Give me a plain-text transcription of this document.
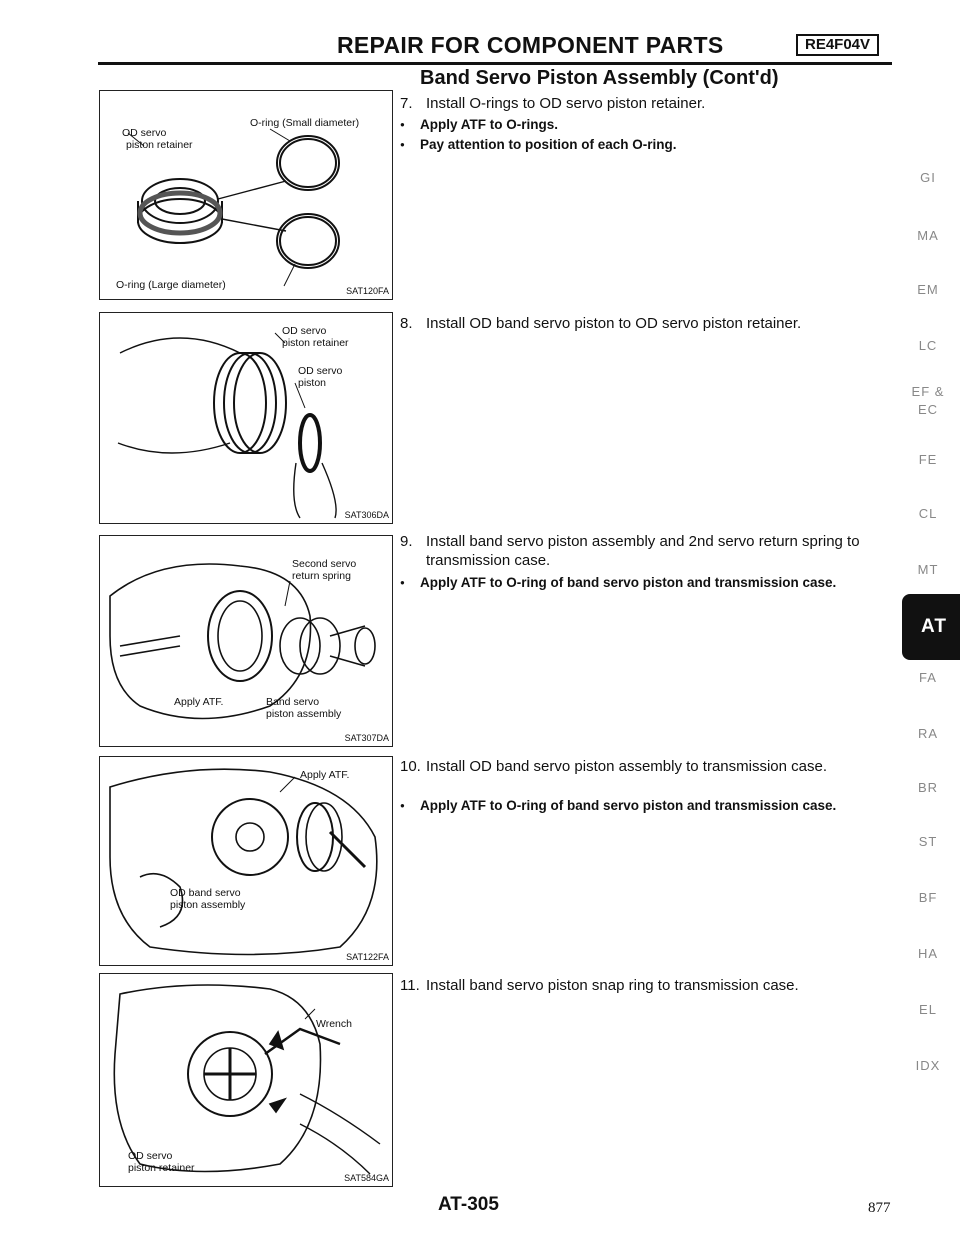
REPAIR FOR COMPONENT PARTS	RE4F04V
Band Servo Piston Assembly (Cont'd)
O-ring (Small diameter)
OD servo
piston retainer
O-ring (Large diameter)	SAT120FA
OD servo
piston retainer
OD servo
piston
SAT306DA
Second servo
return spring
Apply ATF.	Band servo
piston assembly
SAT307DA
Apply ATF.
OD band servo
piston assembly
SAT122FA
Wrench
OD servo
piston retainer
SAT584GA
7. Install O-rings to OD servo piston retainer.
● Apply ATF to O-rings.
● Pay attention to position of each O-ring.
8. Install OD band servo piston to OD servo piston retainer.
9. Install band servo piston assembly and 2nd servo return spring to transmission case.
● Apply ATF to O-ring of band servo piston and transmission case.
10. Install OD band servo piston assembly to transmission case.
● Apply ATF to O-ring of band servo piston and transmission case.
11. Install band servo piston snap ring to transmission case.
GI
MA
EM
LC
EF &
EC
FE
CL
MT
AT
FA
RA
BR
ST
BF
HA
EL
IDX
AT-305	877
